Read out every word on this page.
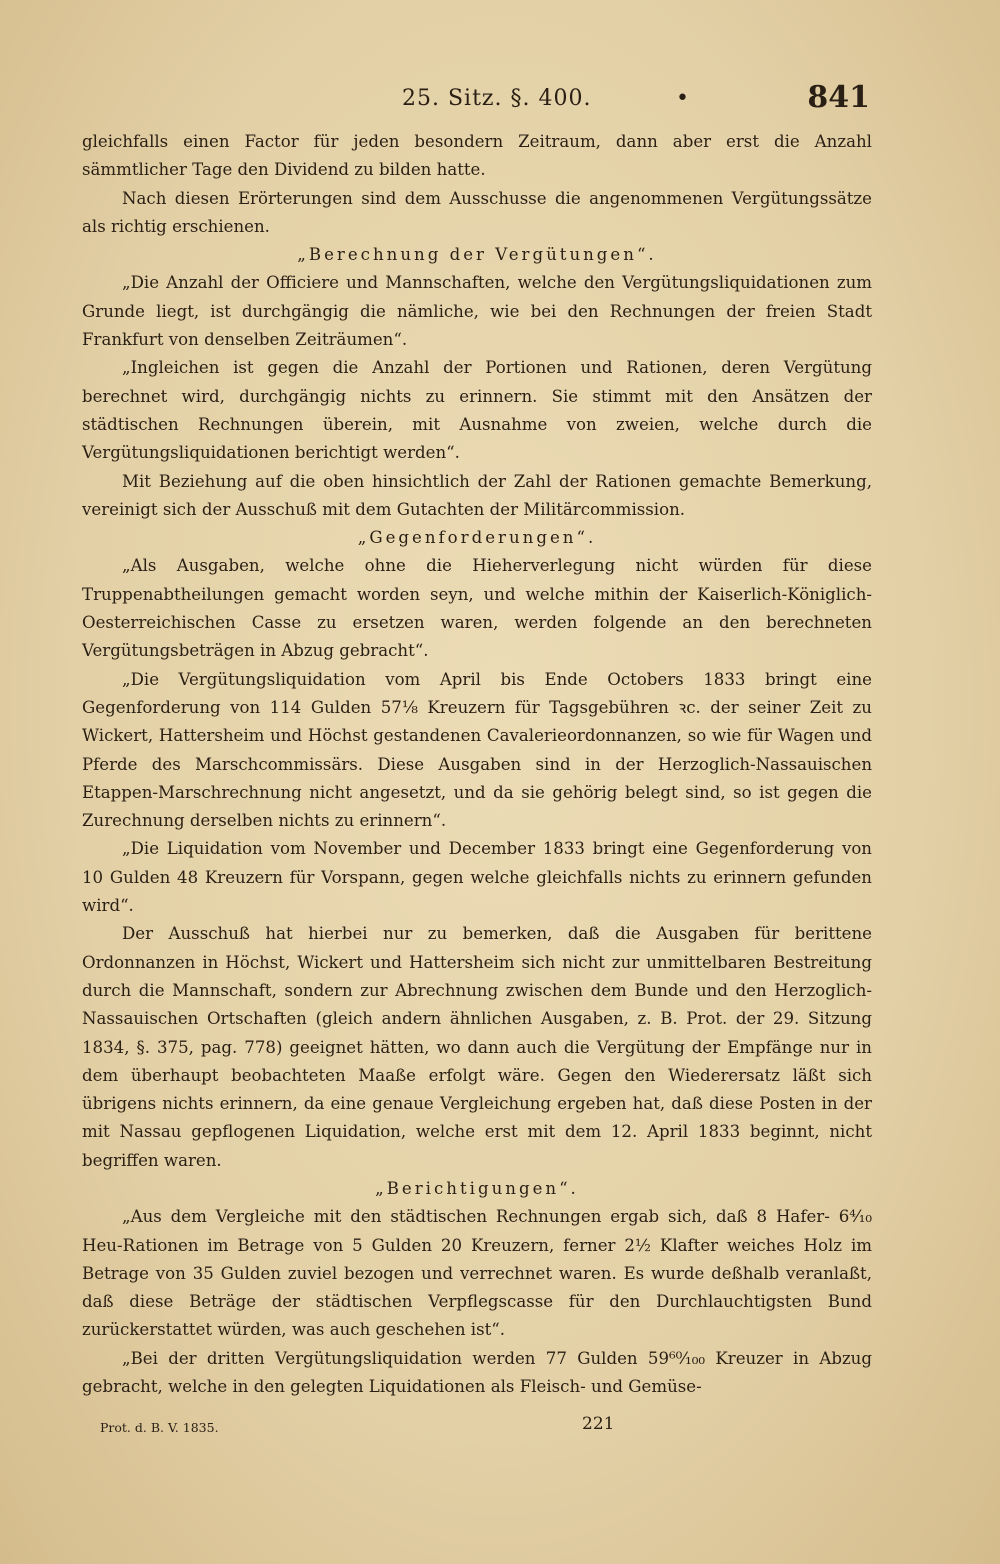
25. Sitz. §. 400.	•	841

gleichfalls einen Factor für jeden besondern Zeitraum, dann aber erst die Anzahl sämmtlicher Tage den Dividend zu bilden hatte.

Nach diesen Erörterungen sind dem Ausschusse die angenommenen Vergütungssätze als richtig erschienen.

„Berechnung der Vergütungen“.

„Die Anzahl der Officiere und Mannschaften, welche den Vergütungsliquidationen zum Grunde liegt, ist durchgängig die nämliche, wie bei den Rechnungen der freien Stadt Frankfurt von denselben Zeiträumen“.

„Ingleichen ist gegen die Anzahl der Portionen und Rationen, deren Vergütung berechnet wird, durchgängig nichts zu erinnern. Sie stimmt mit den Ansätzen der städtischen Rechnungen überein, mit Ausnahme von zweien, welche durch die Vergütungsliquidationen berichtigt werden“.

Mit Beziehung auf die oben hinsichtlich der Zahl der Rationen gemachte Bemerkung, vereinigt sich der Ausschuß mit dem Gutachten der Militärcommission.

„Gegenforderungen“.

„Als Ausgaben, welche ohne die Hieherverlegung nicht würden für diese Truppenabtheilungen gemacht worden seyn, und welche mithin der Kaiserlich-Königlich-Oesterreichischen Casse zu ersetzen waren, werden folgende an den berechneten Vergütungsbeträgen in Abzug gebracht“.

„Die Vergütungsliquidation vom April bis Ende Octobers 1833 bringt eine Gegenforderung von 114 Gulden 57⅛ Kreuzern für Tagsgebühren ꝛc. der seiner Zeit zu Wickert, Hattersheim und Höchst gestandenen Cavalerieordonnanzen, so wie für Wagen und Pferde des Marschcommissärs. Diese Ausgaben sind in der Herzoglich-Nassauischen Etappen-Marschrechnung nicht angesetzt, und da sie gehörig belegt sind, so ist gegen die Zurechnung derselben nichts zu erinnern“.

„Die Liquidation vom November und December 1833 bringt eine Gegenforderung von 10 Gulden 48 Kreuzern für Vorspann, gegen welche gleichfalls nichts zu erinnern gefunden wird“.

Der Ausschuß hat hierbei nur zu bemerken, daß die Ausgaben für berittene Ordonnanzen in Höchst, Wickert und Hattersheim sich nicht zur unmittelbaren Bestreitung durch die Mannschaft, sondern zur Abrechnung zwischen dem Bunde und den Herzoglich-Nassauischen Ortschaften (gleich andern ähnlichen Ausgaben, z. B. Prot. der 29. Sitzung 1834, §. 375, pag. 778) geeignet hätten, wo dann auch die Vergütung der Empfänge nur in dem überhaupt beobachteten Maaße erfolgt wäre. Gegen den Wiederersatz läßt sich übrigens nichts erinnern, da eine genaue Vergleichung ergeben hat, daß diese Posten in der mit Nassau gepflogenen Liquidation, welche erst mit dem 12. April 1833 beginnt, nicht begriffen waren.

„Berichtigungen“.

„Aus dem Vergleiche mit den städtischen Rechnungen ergab sich, daß 8 Hafer- 6⁴⁄₁₀ Heu-Rationen im Betrage von 5 Gulden 20 Kreuzern, ferner 2½ Klafter weiches Holz im Betrage von 35 Gulden zuviel bezogen und verrechnet waren. Es wurde deßhalb veranlaßt, daß diese Beträge der städtischen Verpflegscasse für den Durchlauchtigsten Bund zurückerstattet würden, was auch geschehen ist“.

„Bei der dritten Vergütungsliquidation werden 77 Gulden 59⁶⁰⁄₁₀₀ Kreuzer in Abzug gebracht, welche in den gelegten Liquidationen als Fleisch- und Gemüse-

Prot. d. B. V. 1835.	221
